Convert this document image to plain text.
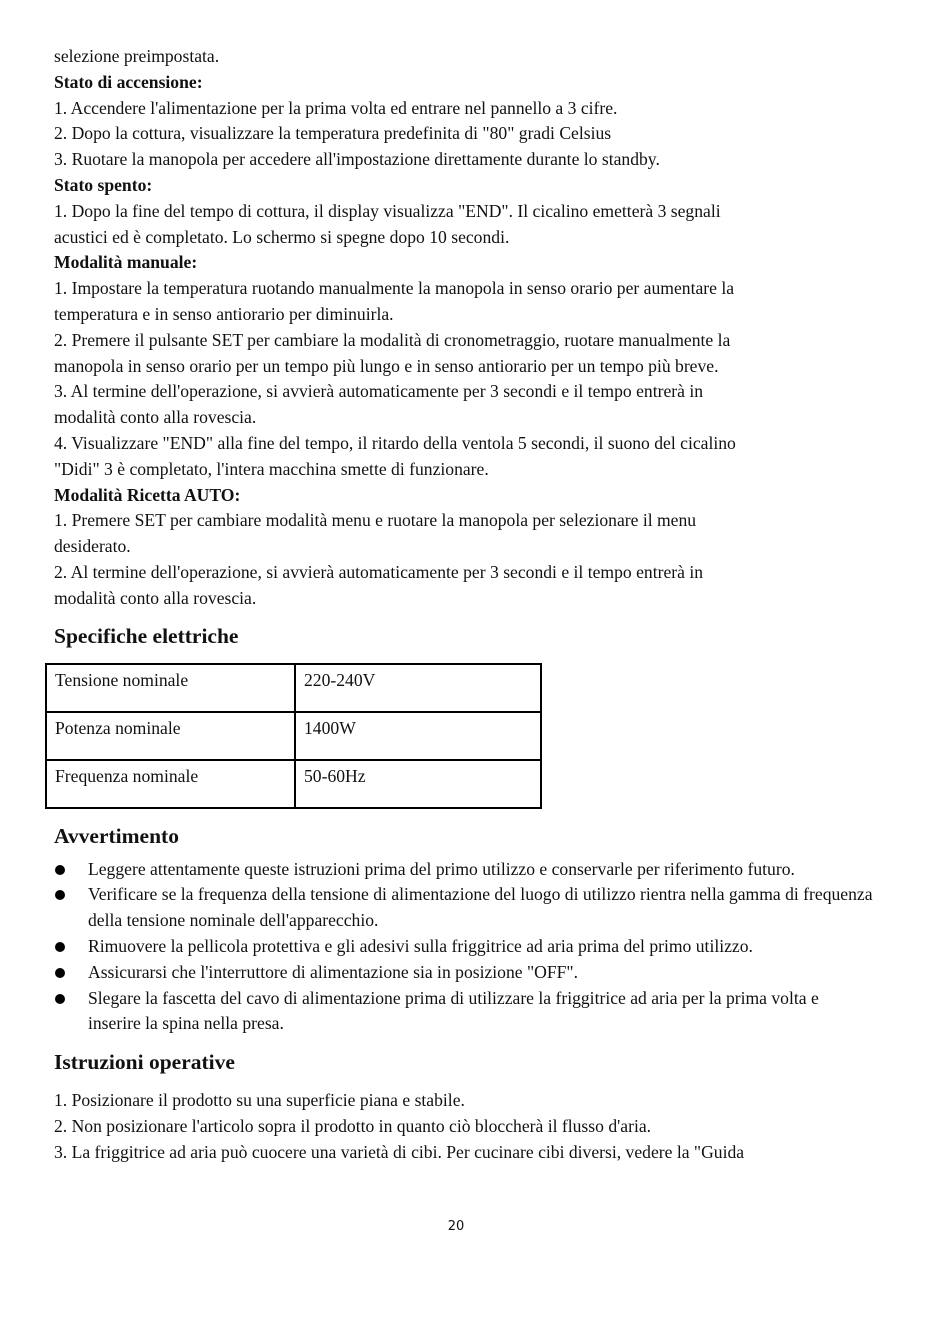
selezione preimpostata.

Stato di accensione:

1. Accendere l'alimentazione per la prima volta ed entrare nel pannello a 3 cifre.

2. Dopo la cottura, visualizzare la temperatura predefinita di "80" gradi Celsius

3. Ruotare la manopola per accedere all'impostazione direttamente durante lo standby.

Stato spento:

1. Dopo la fine del tempo di cottura, il display visualizza "END". Il cicalino emetterà 3 segnali

acustici ed è completato. Lo schermo si spegne dopo 10 secondi.

Modalità manuale:

1. Impostare la temperatura ruotando manualmente la manopola in senso orario per aumentare la

temperatura e in senso antiorario per diminuirla.

2. Premere il pulsante SET per cambiare la modalità di cronometraggio, ruotare manualmente la

manopola in senso orario per un tempo più lungo e in senso antiorario per un tempo più breve.

3. Al termine dell'operazione, si avvierà automaticamente per 3 secondi e il tempo entrerà in

modalità conto alla rovescia.

4. Visualizzare "END" alla fine del tempo, il ritardo della ventola 5 secondi, il suono del cicalino

"Didi" 3 è completato, l'intera macchina smette di funzionare.

Modalità Ricetta AUTO:

1. Premere SET per cambiare modalità menu e ruotare la manopola per selezionare il menu

desiderato.

2. Al termine dell'operazione, si avvierà automaticamente per 3 secondi e il tempo entrerà in

modalità conto alla rovescia.

Specifiche elettriche
Tensione nominale	220-240V
Potenza nominale	1400W
Frequenza nominale	50-60Hz
Avvertimento
Leggere attentamente queste istruzioni prima del primo utilizzo e conservarle per riferimento futuro.
Verificare se la frequenza della tensione di alimentazione del luogo di utilizzo rientra nella gamma di frequenza della tensione nominale dell'apparecchio.
Rimuovere la pellicola protettiva e gli adesivi sulla friggitrice ad aria prima del primo utilizzo.
Assicurarsi che l'interruttore di alimentazione sia in posizione "OFF".
Slegare la fascetta del cavo di alimentazione prima di utilizzare la friggitrice ad aria per la prima volta e inserire la spina nella presa.
Istruzioni operative

1. Posizionare il prodotto su una superficie piana e stabile.

2. Non posizionare l'articolo sopra il prodotto in quanto ciò bloccherà il flusso d'aria.

3. La friggitrice ad aria può cuocere una varietà di cibi. Per cucinare cibi diversi, vedere la "Guida

20
